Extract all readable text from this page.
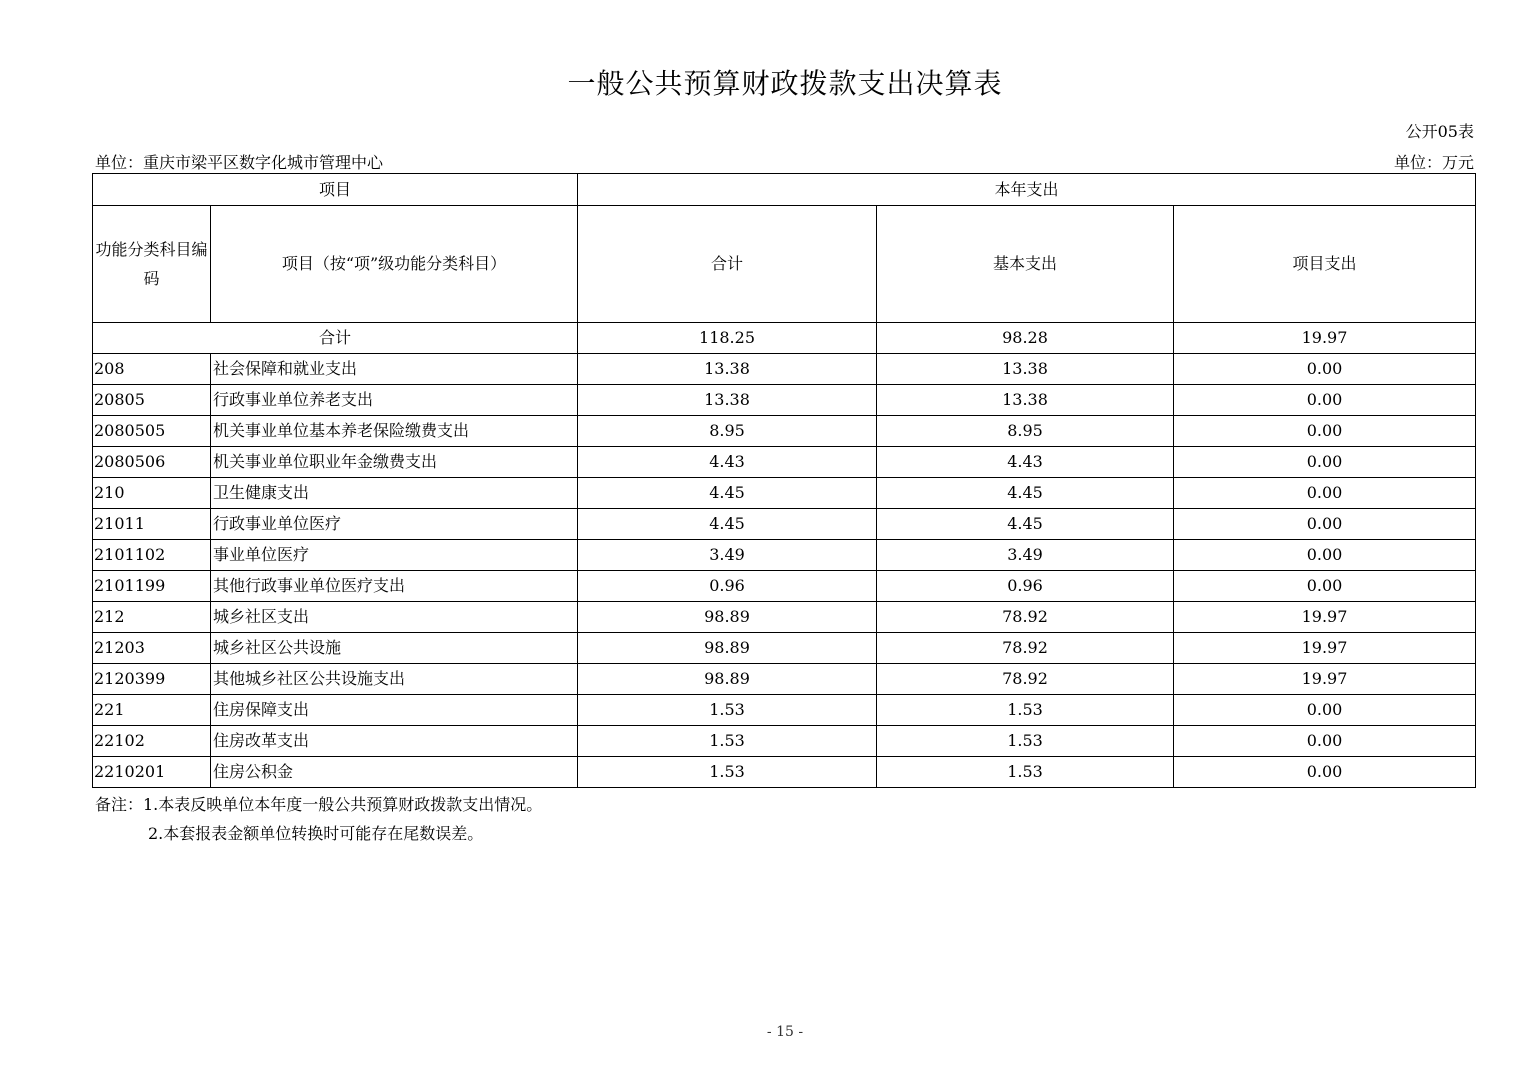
一般公共预算财政拨款支出决算表
公开05表
单位：重庆市梁平区数字化城市管理中心	单位：万元
项目		本年支出		
功能分类科目编码	项目（按“项”级功能分类科目）	合计	基本支出	项目支出
合计		118.25	98.28	19.97
208	社会保障和就业支出	13.38	13.38	0.00
20805	行政事业单位养老支出	13.38	13.38	0.00
2080505	机关事业单位基本养老保险缴费支出	8.95	8.95	0.00
2080506	机关事业单位职业年金缴费支出	4.43	4.43	0.00
210	卫生健康支出	4.45	4.45	0.00
21011	行政事业单位医疗	4.45	4.45	0.00
2101102	事业单位医疗	3.49	3.49	0.00
2101199	其他行政事业单位医疗支出	0.96	0.96	0.00
212	城乡社区支出	98.89	78.92	19.97
21203	城乡社区公共设施	98.89	78.92	19.97
2120399	其他城乡社区公共设施支出	98.89	78.92	19.97
221	住房保障支出	1.53	1.53	0.00
22102	住房改革支出	1.53	1.53	0.00
2210201	住房公积金	1.53	1.53	0.00
备注：1.本表反映单位本年度一般公共预算财政拨款支出情况。
2.本套报表金额单位转换时可能存在尾数误差。
- 15 -
